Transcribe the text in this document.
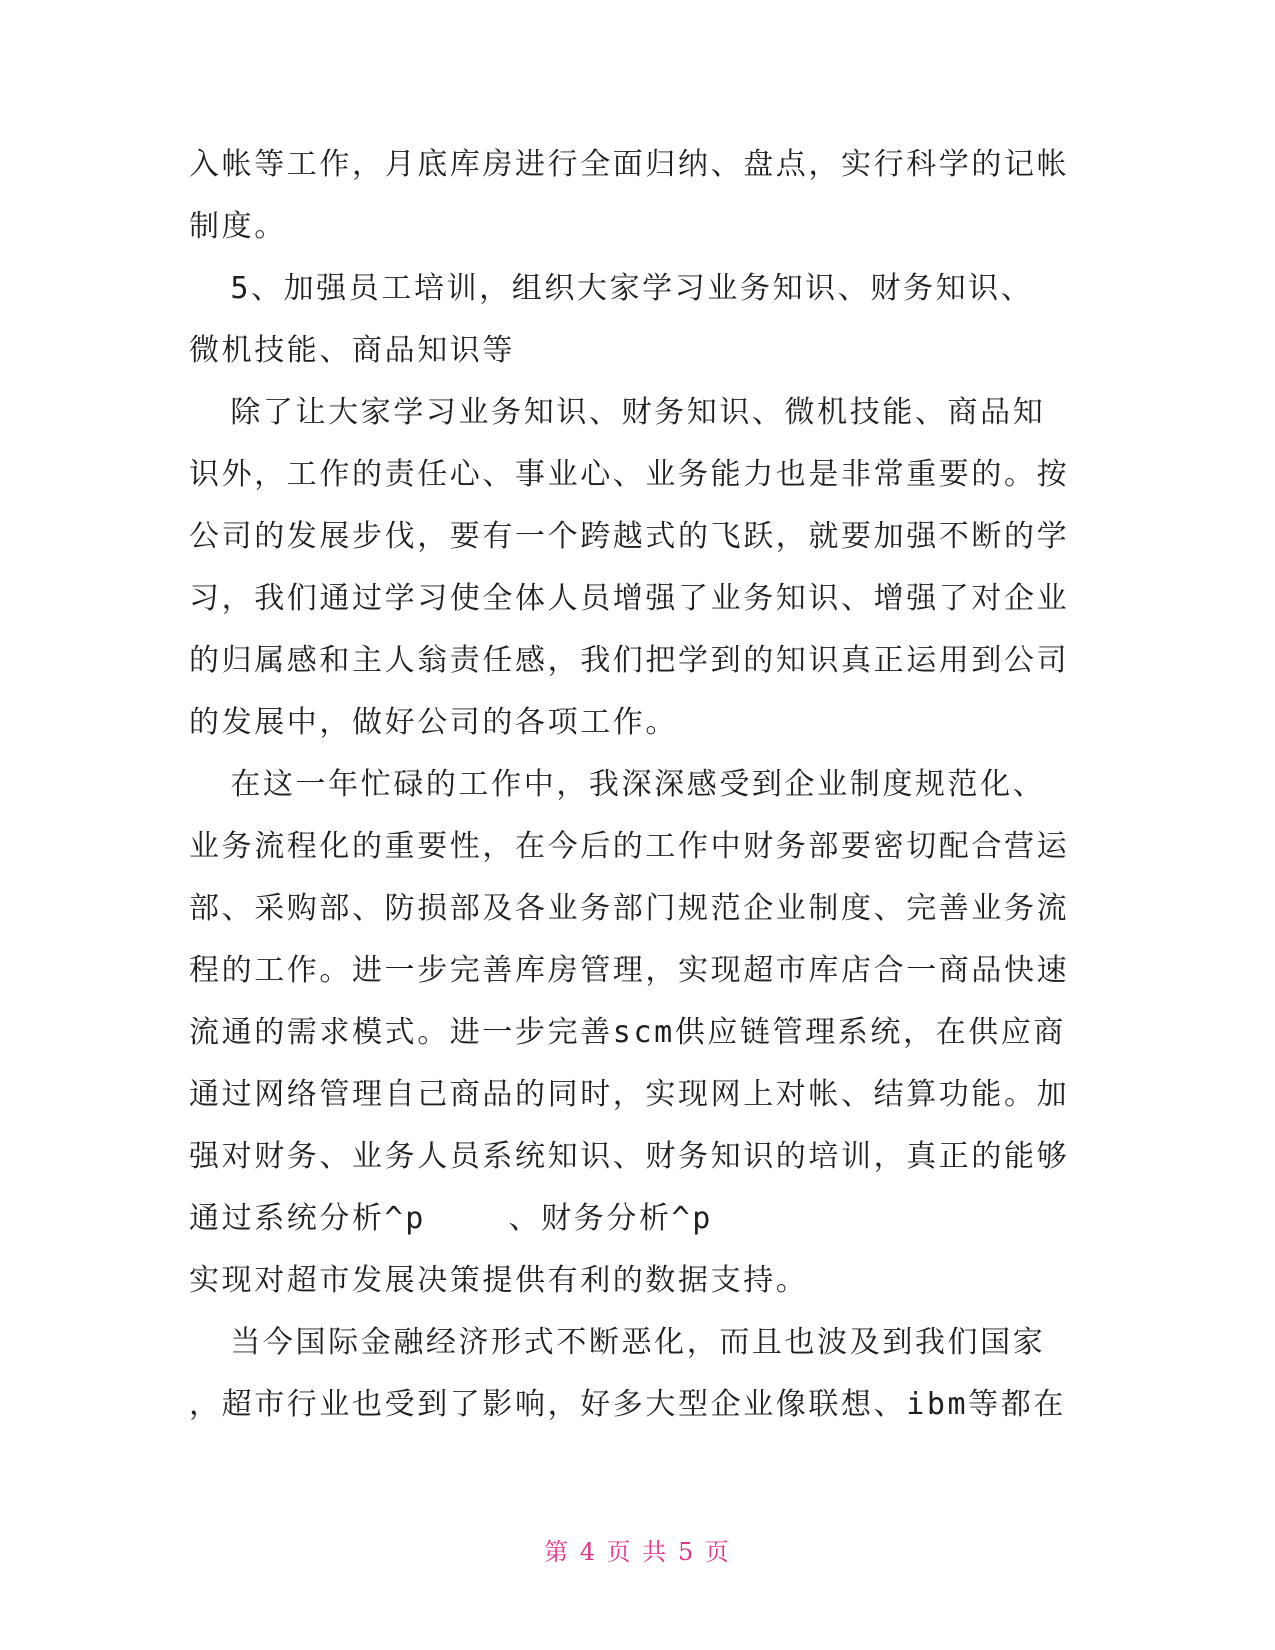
入帐等工作，月底库房进行全面归纳、盘点，实行科学的记帐
制度。
5、加强员工培训，组织大家学习业务知识、财务知识、
微机技能、商品知识等
除了让大家学习业务知识、财务知识、微机技能、商品知
识外，工作的责任心、事业心、业务能力也是非常重要的。按
公司的发展步伐，要有一个跨越式的飞跃，就要加强不断的学
习，我们通过学习使全体人员增强了业务知识、增强了对企业
的归属感和主人翁责任感，我们把学到的知识真正运用到公司
的发展中，做好公司的各项工作。
在这一年忙碌的工作中，我深深感受到企业制度规范化、
业务流程化的重要性，在今后的工作中财务部要密切配合营运
部、采购部、防损部及各业务部门规范企业制度、完善业务流
程的工作。进一步完善库房管理，实现超市库店合一商品快速
流通的需求模式。进一步完善scm供应链管理系统，在供应商
通过网络管理自己商品的同时，实现网上对帐、结算功能。加
强对财务、业务人员系统知识、财务知识的培训，真正的能够
通过系统分析^p    、财务分析^p
实现对超市发展决策提供有利的数据支持。
当今国际金融经济形式不断恶化，而且也波及到我们国家
，超市行业也受到了影响，好多大型企业像联想、ibm等都在
第 4 页 共 5 页
